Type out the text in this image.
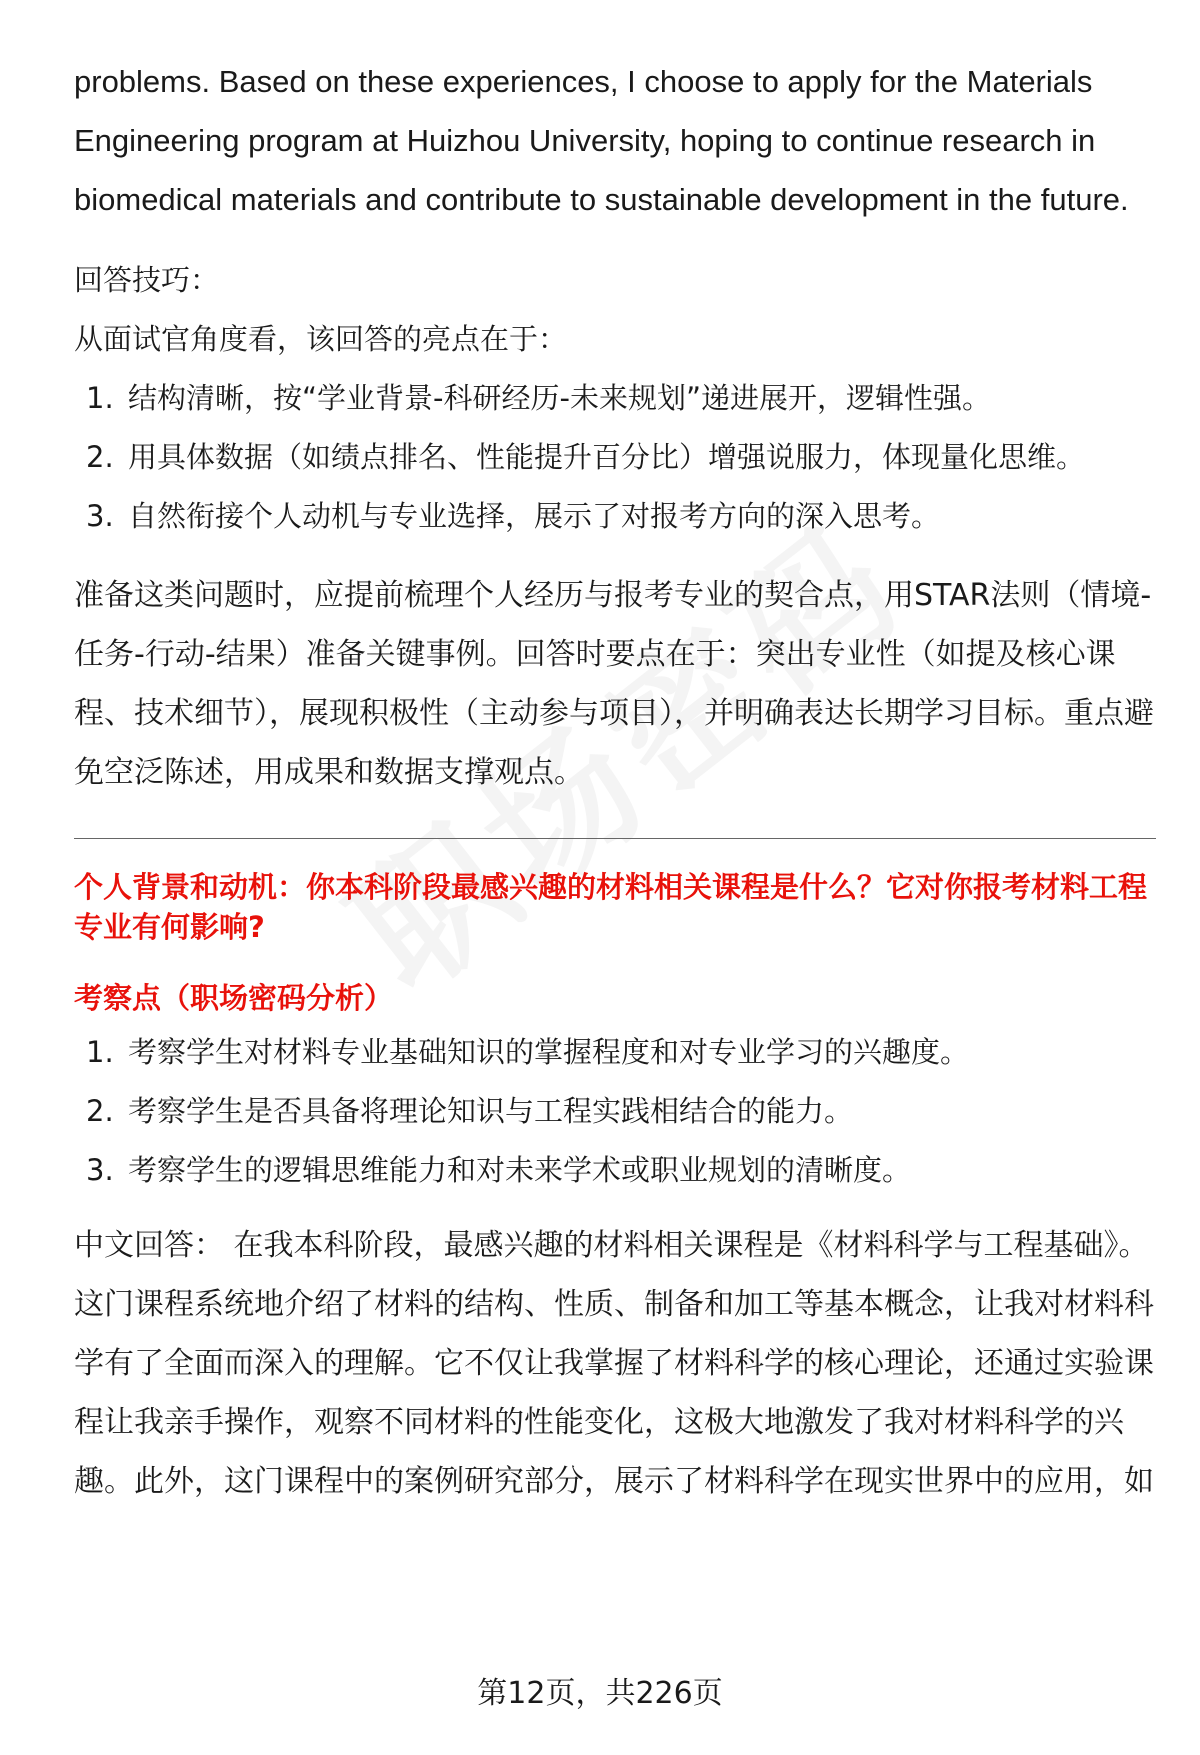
problems. Based on these experiences, I choose to apply for the Materials Engineering program at Huizhou University, hoping to continue research in biomedical materials and contribute to sustainable development in the future.

回答技巧：

从面试官角度看，该回答的亮点在于：

1. 结构清晰，按“学业背景-科研经历-未来规划”递进展开，逻辑性强。
2. 用具体数据（如绩点排名、性能提升百分比）增强说服力，体现量化思维。
3. 自然衔接个人动机与专业选择，展示了对报考方向的深入思考。

准备这类问题时，应提前梳理个人经历与报考专业的契合点，用STAR法则（情境-任务-行动-结果）准备关键事例。回答时要点在于：突出专业性（如提及核心课程、技术细节），展现积极性（主动参与项目），并明确表达长期学习目标。重点避免空泛陈述，用成果和数据支撑观点。

个人背景和动机：你本科阶段最感兴趣的材料相关课程是什么？它对你报考材料工程专业有何影响?

考察点（职场密码分析）

1. 考察学生对材料专业基础知识的掌握程度和对专业学习的兴趣度。
2. 考察学生是否具备将理论知识与工程实践相结合的能力。
3. 考察学生的逻辑思维能力和对未来学术或职业规划的清晰度。

中文回答： 在我本科阶段，最感兴趣的材料相关课程是《材料科学与工程基础》。这门课程系统地介绍了材料的结构、性质、制备和加工等基本概念，让我对材料科学有了全面而深入的理解。它不仅让我掌握了材料科学的核心理论，还通过实验课程让我亲手操作，观察不同材料的性能变化，这极大地激发了我对材料科学的兴趣。此外，这门课程中的案例研究部分，展示了材料科学在现实世界中的应用，如

第12页，共226页
